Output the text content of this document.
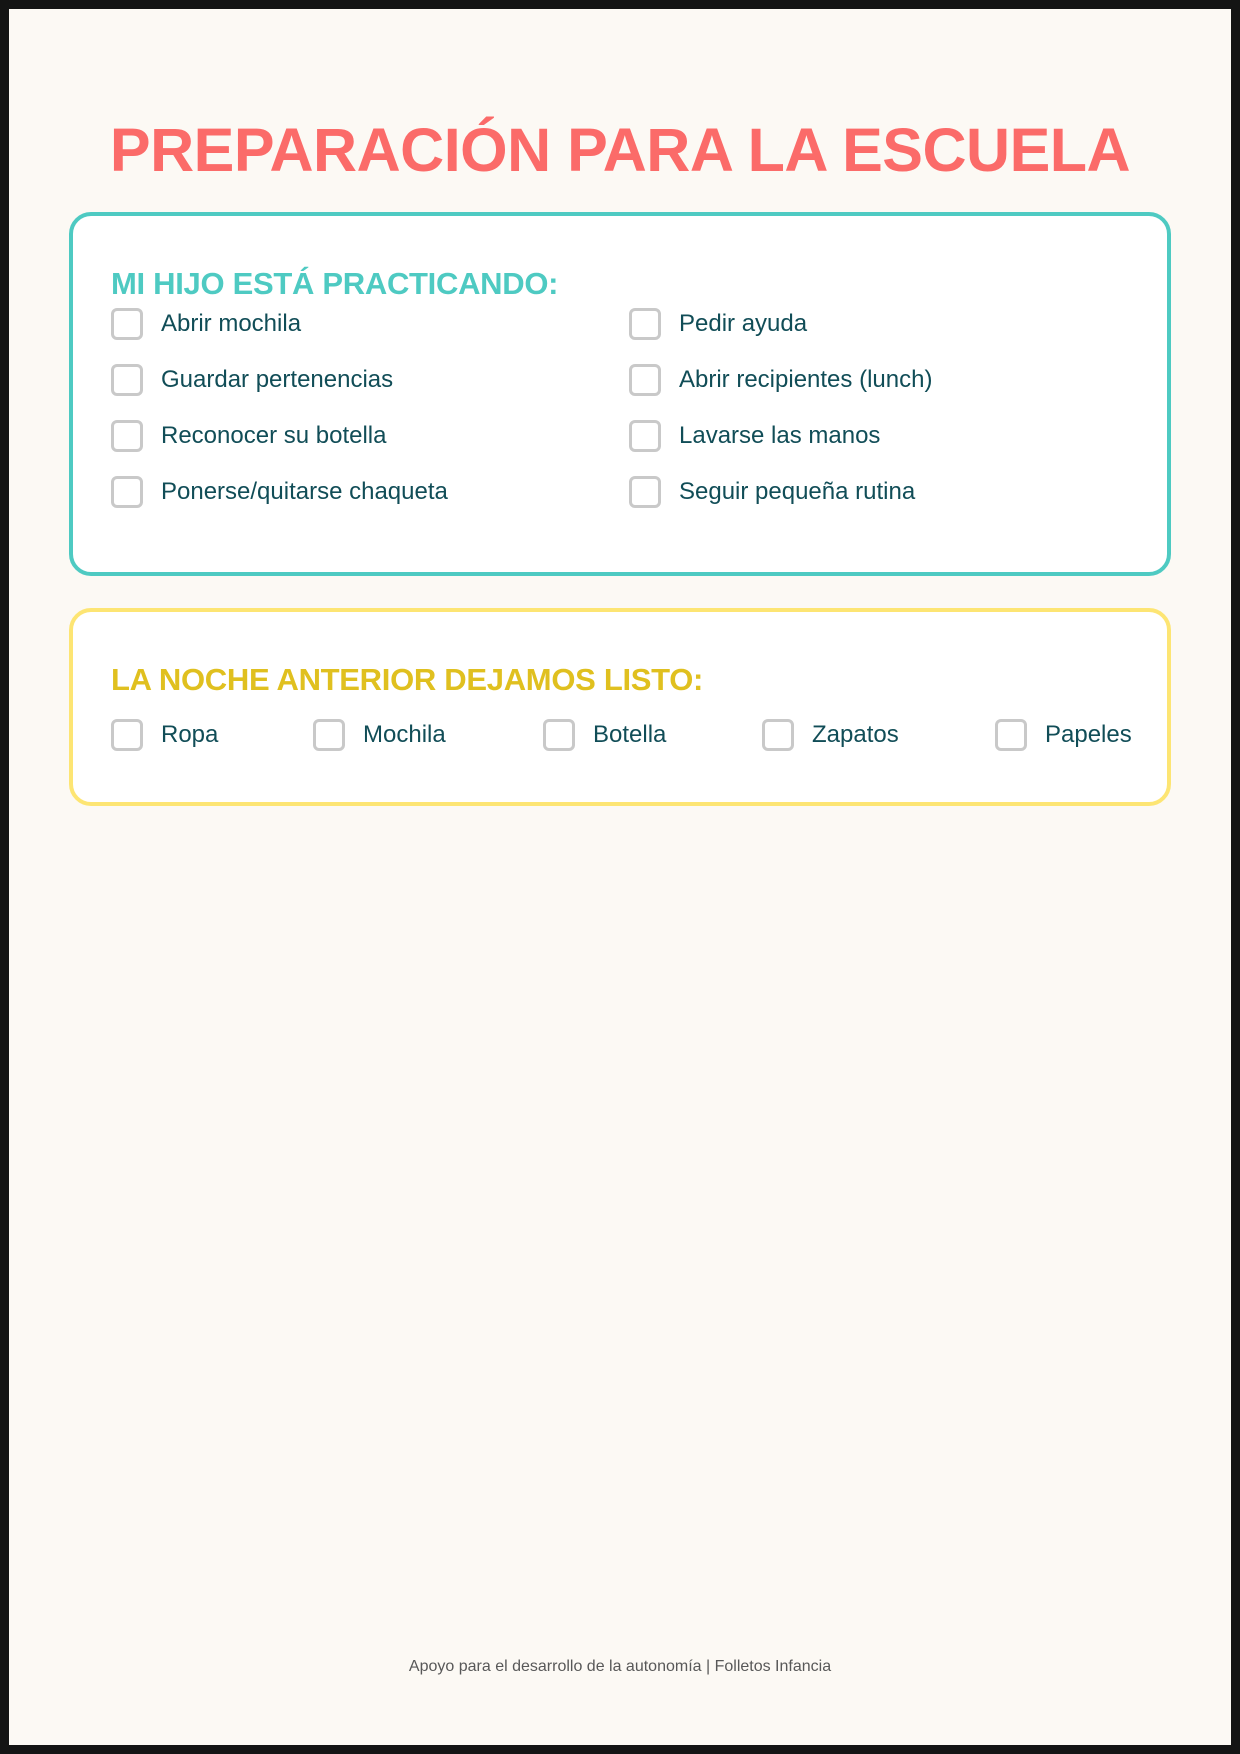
PREPARACIÓN PARA LA ESCUELA
MI HIJO ESTÁ PRACTICANDO:
Abrir mochila
Guardar pertenencias
Reconocer su botella
Ponerse/quitarse chaqueta
Pedir ayuda
Abrir recipientes (lunch)
Lavarse las manos
Seguir pequeña rutina
LA NOCHE ANTERIOR DEJAMOS LISTO:
Ropa	Mochila	Botella	Zapatos	Papeles
Apoyo para el desarrollo de la autonomía | Folletos Infancia
